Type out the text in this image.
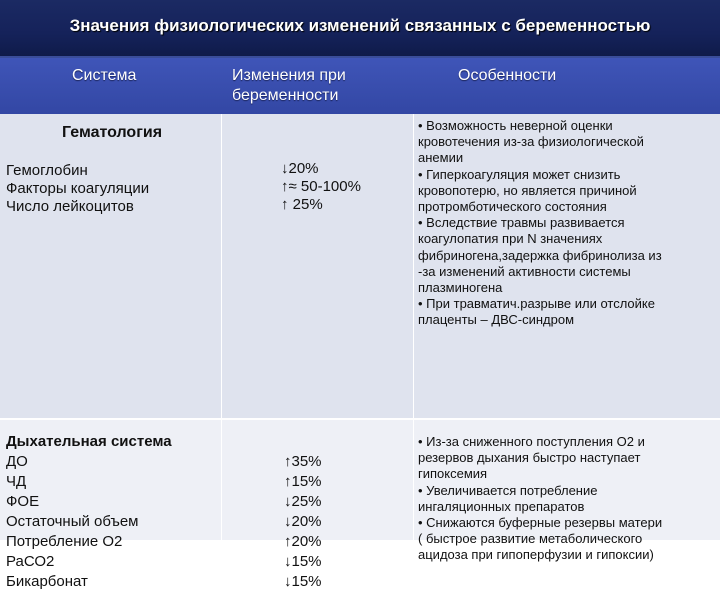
Значения физиологических изменений связанных с беременностью
Система	Изменения при
беременности
Особенности
Гематология
Гемоглобин
Факторы коагуляции
Число лейкоцитов
↓20%
↑≈ 50-100%
↑ 25%
• Возможность неверной оценки
кровотечения из-за физиологической
анемии
• Гиперкоагуляция может снизить
кровопотерю, но является причиной
протромботического состояния
• Вследствие травмы развивается
коагулопатия при N значениях
фибриногена,задержка фибринолиза из
-за изменений активности системы
плазминогена
• При травматич.разрыве или отслойке
плаценты – ДВС-синдром
Дыхательная система
ДО
ЧД
ФОЕ
Остаточный объем
Потребление О2
РаСО2
Бикарбонат
↑35%
↑15%
↓25%
↓20%
↑20%
↓15%
↓15%
• Из-за сниженного поступления О2 и
резервов дыхания быстро наступает
гипоксемия
• Увеличивается потребление
ингаляционных препаратов
• Снижаются буферные резервы матери
( быстрое развитие метаболического
ацидоза при гипоперфузии и гипоксии)
